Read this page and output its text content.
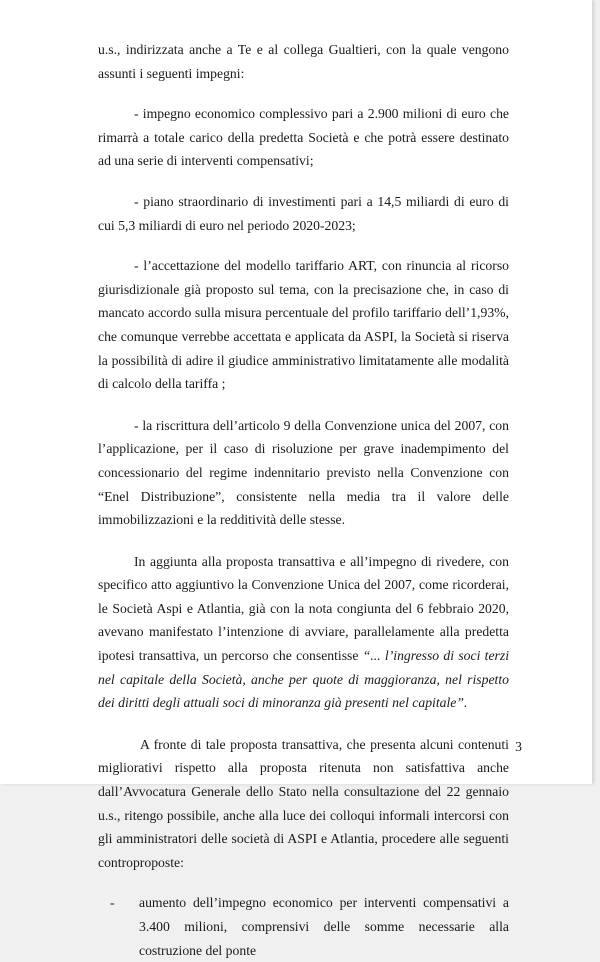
u.s., indirizzata anche a Te e al collega Gualtieri, con la quale vengono assunti i seguenti impegni:

- impegno economico complessivo pari a 2.900 milioni di euro che rimarrà a totale carico della predetta Società e che potrà essere destinato ad una serie di interventi compensativi;

- piano straordinario di investimenti pari a 14,5 miliardi di euro di cui 5,3 miliardi di euro nel periodo 2020-2023;

- l’accettazione del modello tariffario ART, con rinuncia al ricorso giurisdizionale già proposto sul tema, con la precisazione che, in caso di mancato accordo sulla misura percentuale del profilo tariffario dell’1,93%, che comunque verrebbe accettata e applicata da ASPI, la Società si riserva la possibilità di adire il giudice amministrativo limitatamente alle modalità di calcolo della tariffa ;

- la riscrittura dell’articolo 9 della Convenzione unica del 2007, con l’applicazione, per il caso di risoluzione per grave inadempimento del concessionario del regime indennitario previsto nella Convenzione con “Enel Distribuzione”, consistente nella media tra il valore delle immobilizzazioni e la redditività delle stesse.

In aggiunta alla proposta transattiva e all’impegno di rivedere, con specifico atto aggiuntivo la Convenzione Unica del 2007, come ricorderai, le Società Aspi e Atlantia, già con la nota congiunta del 6 febbraio 2020, avevano manifestato l’intenzione di avviare, parallelamente alla predetta ipotesi transattiva, un percorso che consentisse “... l’ingresso di soci terzi nel capitale della Società, anche per quote di maggioranza, nel rispetto dei diritti degli attuali soci di minoranza già presenti nel capitale”.

A fronte di tale proposta transattiva, che presenta alcuni contenuti migliorativi rispetto alla proposta ritenuta non satisfattiva anche dall’Avvocatura Generale dello Stato nella consultazione del 22 gennaio u.s., ritengo possibile, anche alla luce dei colloqui informali intercorsi con gli amministratori delle società di ASPI e Atlantia, procedere alle seguenti controproposte:

- aumento dell’impegno economico per interventi compensativi a 3.400 milioni, comprensivi delle somme necessarie alla costruzione del ponte

3
